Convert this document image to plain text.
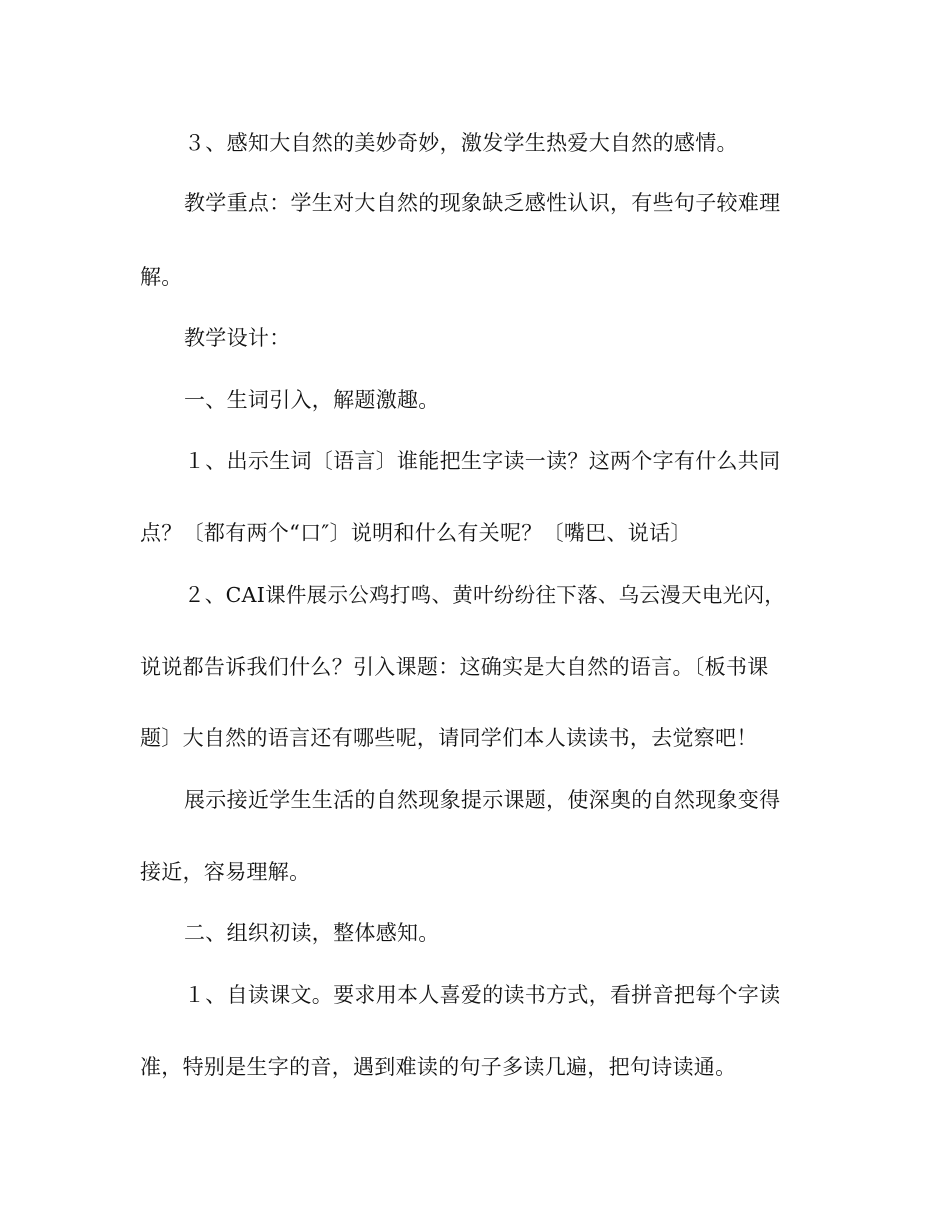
３、感知大自然的美妙奇妙，激发学生热爱大自然的感情。
教学重点：学生对大自然的现象缺乏感性认识，有些句子较难理
解。
教学设计：
一、生词引入，解题激趣。
１、出示生词〔语言〕谁能把生字读一读？这两个字有什么共同
点？〔都有两个“口″〕说明和什么有关呢？〔嘴巴、说话〕
２、CAI课件展示公鸡打鸣、黄叶纷纷往下落、乌云漫天电光闪，
说说都告诉我们什么？引入课题：这确实是大自然的语言。〔板书课
题〕大自然的语言还有哪些呢，请同学们本人读读书，去觉察吧！
展示接近学生生活的自然现象提示课题，使深奥的自然现象变得
接近，容易理解。
二、组织初读，整体感知。
１、自读课文。要求用本人喜爱的读书方式，看拼音把每个字读
准，特别是生字的音，遇到难读的句子多读几遍，把句诗读通。
